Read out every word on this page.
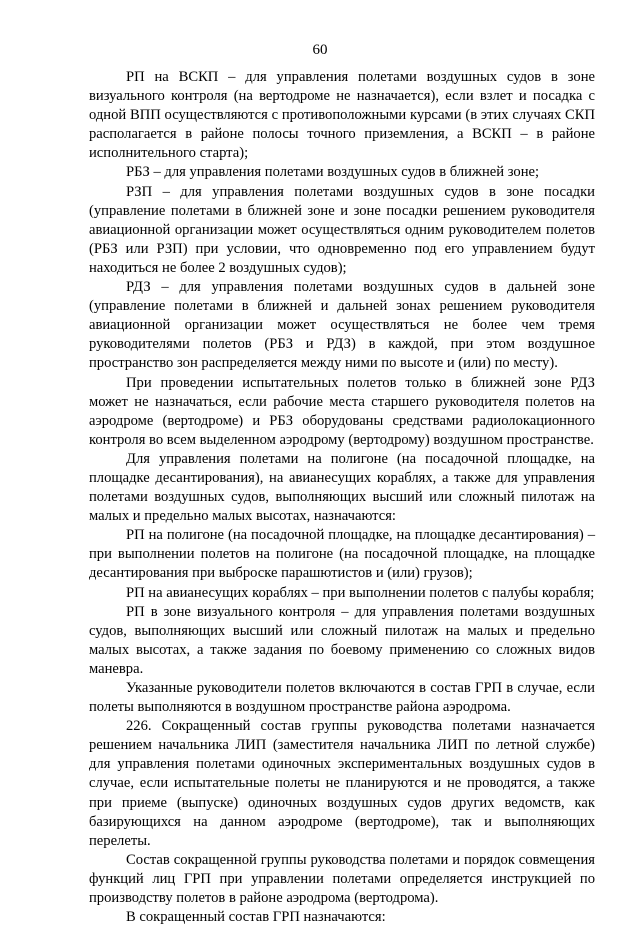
60

РП на ВСКП – для управления полетами воздушных судов в зоне визуального контроля (на вертодроме не назначается), если взлет и посадка с одной ВПП осуществляются с противоположными курсами (в этих случаях СКП располагается в районе полосы точного приземления, а ВСКП – в районе исполнительного старта);

РБЗ – для управления полетами воздушных судов в ближней зоне;

РЗП – для управления полетами воздушных судов в зоне посадки (управление полетами в ближней зоне и зоне посадки решением руководителя авиационной организации может осуществляться одним руководителем полетов (РБЗ или РЗП) при условии, что одновременно под его управлением будут находиться не более 2 воздушных судов);

РДЗ – для управления полетами воздушных судов в дальней зоне (управление полетами в ближней и дальней зонах решением руководителя авиационной организации может осуществляться не более чем тремя руководителями полетов (РБЗ и РДЗ) в каждой, при этом воздушное пространство зон распределяется между ними по высоте и (или) по месту).

При проведении испытательных полетов только в ближней зоне РДЗ может не назначаться, если рабочие места старшего руководителя полетов на аэродроме (вертодроме) и РБЗ оборудованы средствами радиолокационного контроля во всем выделенном аэродрому (вертодрому) воздушном пространстве.

Для управления полетами на полигоне (на посадочной площадке, на площадке десантирования), на авианесущих кораблях, а также для управления полетами воздушных судов, выполняющих высший или сложный пилотаж на малых и предельно малых высотах, назначаются:

РП на полигоне (на посадочной площадке, на площадке десантирования) – при выполнении полетов на полигоне (на посадочной площадке, на площадке десантирования при выброске парашютистов и (или) грузов);

РП на авианесущих кораблях – при выполнении полетов с палубы корабля;

РП в зоне визуального контроля – для управления полетами воздушных судов, выполняющих высший или сложный пилотаж на малых и предельно малых высотах, а также задания по боевому применению со сложных видов маневра.

Указанные руководители полетов включаются в состав ГРП в случае, если полеты выполняются в воздушном пространстве района аэродрома.

226. Сокращенный состав группы руководства полетами назначается решением начальника ЛИП (заместителя начальника ЛИП по летной службе) для управления полетами одиночных экспериментальных воздушных судов в случае, если испытательные полеты не планируются и не проводятся, а также при приеме (выпуске) одиночных воздушных судов других ведомств, как базирующихся на данном аэродроме (вертодроме), так и выполняющих перелеты.

Состав сокращенной группы руководства полетами и порядок совмещения функций лиц ГРП при управлении полетами определяется инструкцией по производству полетов в районе аэродрома (вертодрома).

В сокращенный состав ГРП назначаются:
